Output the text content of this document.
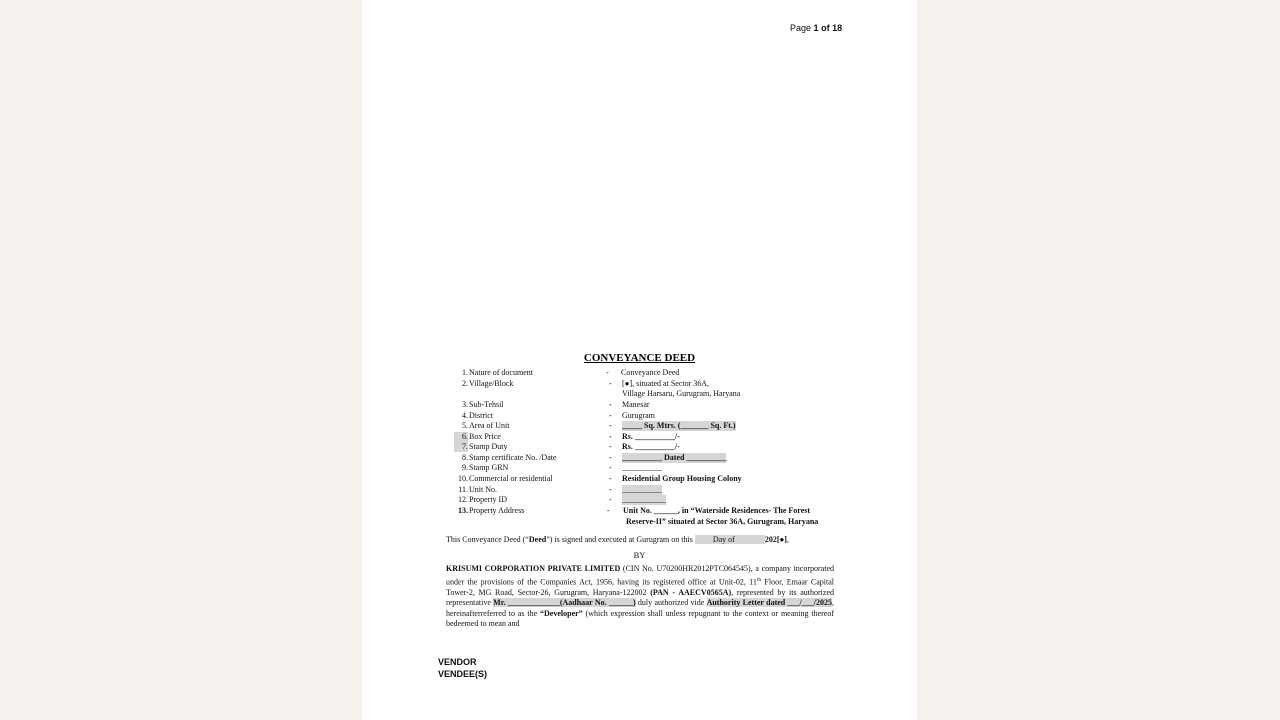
Page 1 of 18
CONVEYANCE DEED
1. Nature of document	- Conveyance Deed
2. Village/Block	- [●], situated at Sector 36A,
Village Harsaru, Gurugram, Haryana
3. Sub-Tehsil	- Manesar
4. District	- Gurugram
5. Area of Unit	- _____ Sq. Mtrs. (_______ Sq. Ft.)
6. Box Price	- Rs. __________/-
7. Stamp Duty	- Rs. __________/-
8. Stamp certificate No. /Date	- __________ Dated __________
9. Stamp GRN	- __________
10. Commercial or residential	- Residential Group Housing Colony
11. Unit No.	- __________
12. Property ID	- ___________
13. Property Address	- Unit No. ______, in “Waterside Residences- The Forest
Reserve-II” situated at Sector 36A, Gurugram, Haryana
This Conveyance Deed (“Deed”) is signed and executed at Gurugram on this          Day of	202[●],
BY
KRISUMI CORPORATION PRIVATE LIMITED (CIN No. U70200HR2012PTC064545), a company incorporated under the provisions of the Companies Act, 1956, having its registered office at Unit-02, 11th Floor, Emaar Capital Tower-2, MG Road, Sector-26, Gurugram, Haryana-122002 (PAN - AAECV0565A), represented by its authorized representative Mr. _____________(Aadhaar No. ______) duly authorized vide Authority Letter dated ___/___/2025, hereinafterreferred to as the “Developer” (which expression shall unless repugnant to the context or meaning thereof bedeemed to mean and
VENDOR
VENDEE(S)
